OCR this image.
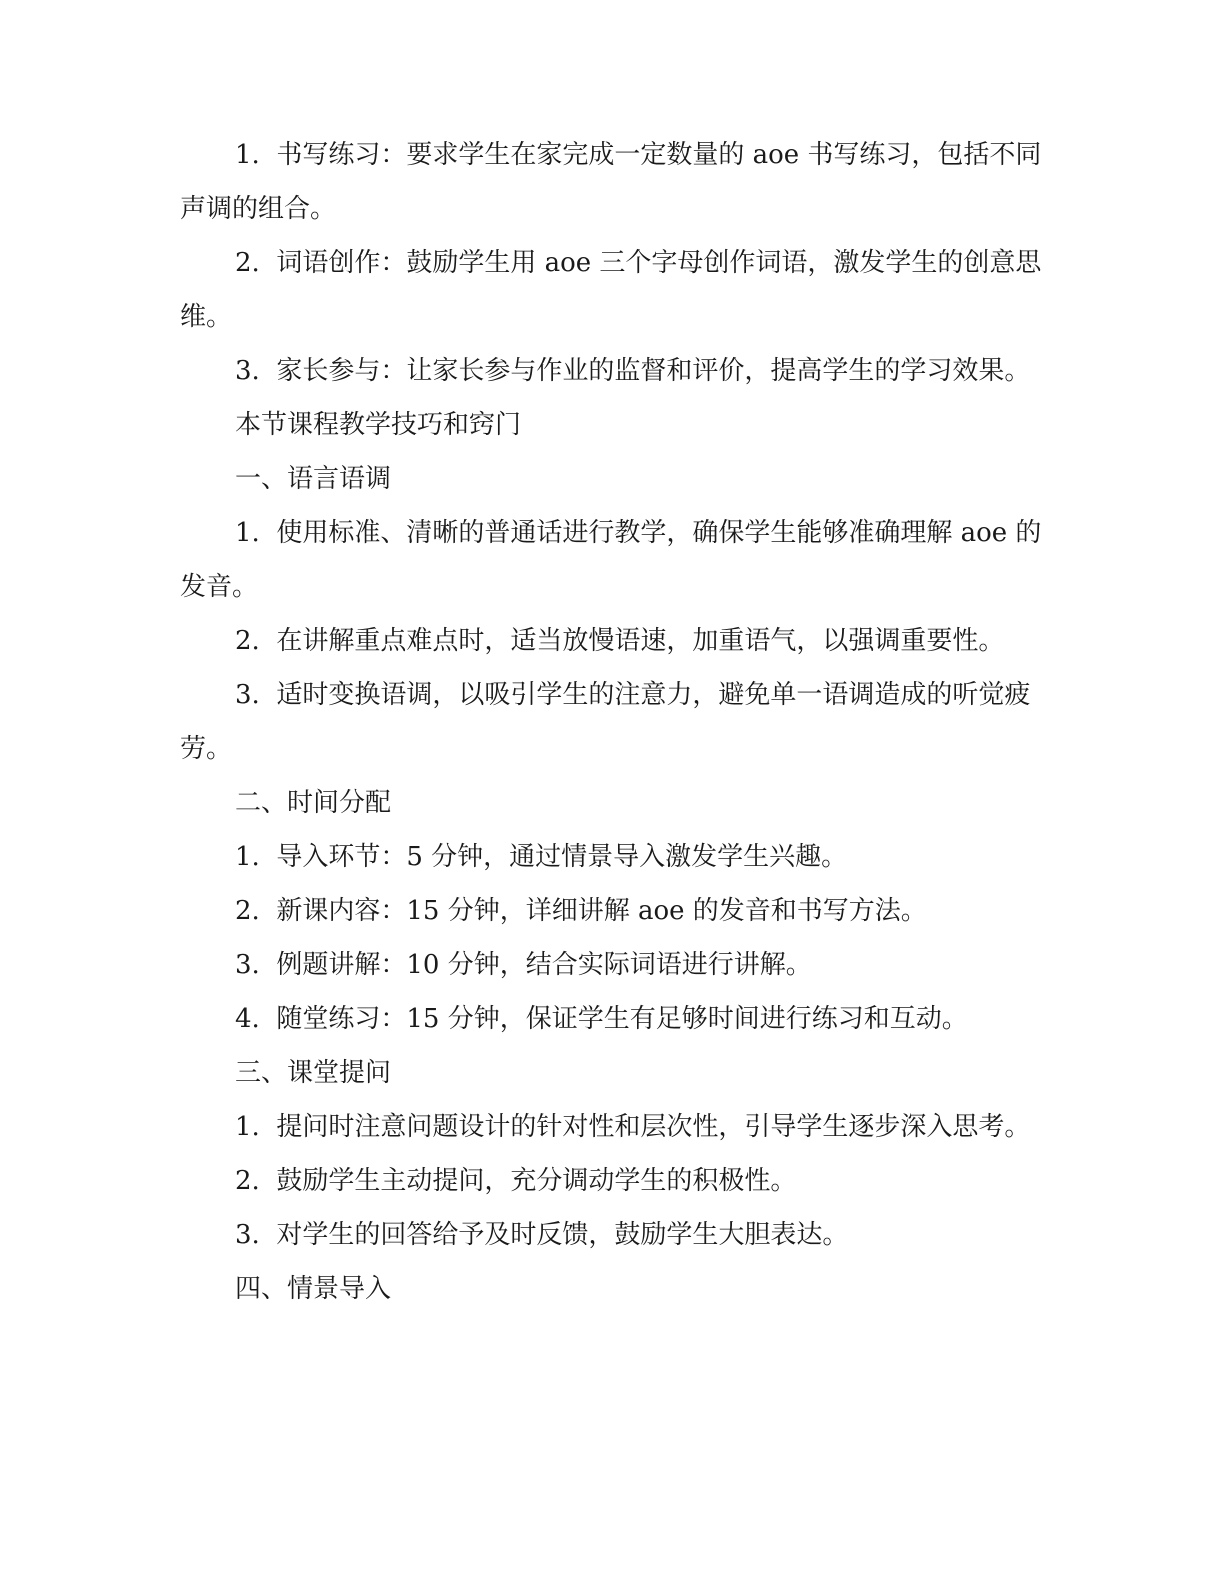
1. 书写练习：要求学生在家完成一定数量的 aoe 书写练习，包括不同声调的组合。

2. 词语创作：鼓励学生用 aoe 三个字母创作词语，激发学生的创意思维。

3. 家长参与：让家长参与作业的监督和评价，提高学生的学习效果。

本节课程教学技巧和窍门

一、语言语调

1. 使用标准、清晰的普通话进行教学，确保学生能够准确理解 aoe 的发音。

2. 在讲解重点难点时，适当放慢语速，加重语气，以强调重要性。

3. 适时变换语调，以吸引学生的注意力，避免单一语调造成的听觉疲劳。

二、时间分配

1. 导入环节：5 分钟，通过情景导入激发学生兴趣。

2. 新课内容：15 分钟，详细讲解 aoe 的发音和书写方法。

3. 例题讲解：10 分钟，结合实际词语进行讲解。

4. 随堂练习：15 分钟，保证学生有足够时间进行练习和互动。

三、课堂提问

1. 提问时注意问题设计的针对性和层次性，引导学生逐步深入思考。

2. 鼓励学生主动提问，充分调动学生的积极性。

3. 对学生的回答给予及时反馈，鼓励学生大胆表达。

四、情景导入
